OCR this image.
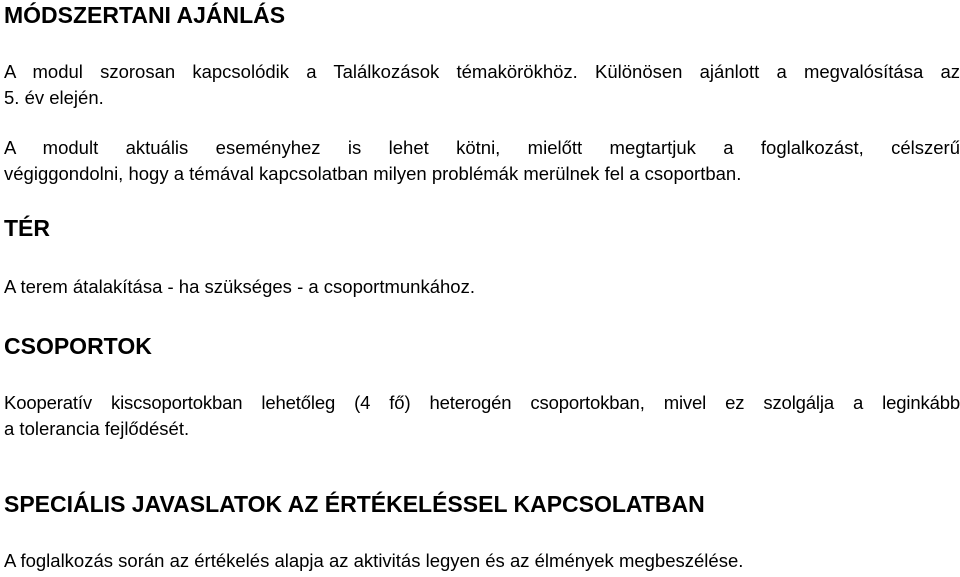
MÓDSZERTANI AJÁNLÁS

A modul szorosan kapcsolódik a Találkozások témakörökhöz. Különösen ajánlott a megvalósítása az
5. év elején.

A modult aktuális eseményhez is lehet kötni, mielőtt megtartjuk a foglalkozást, célszerű
végiggondolni, hogy a témával kapcsolatban milyen problémák merülnek fel a csoportban.

TÉR

A terem átalakítása - ha szükséges - a csoportmunkához.

CSOPORTOK

Kooperatív kiscsoportokban lehetőleg (4 fő) heterogén csoportokban, mivel ez szolgálja a leginkább
a tolerancia fejlődését.

SPECIÁLIS JAVASLATOK AZ ÉRTÉKELÉSSEL KAPCSOLATBAN

A foglalkozás során az értékelés alapja az aktivitás legyen és az élmények megbeszélése.
